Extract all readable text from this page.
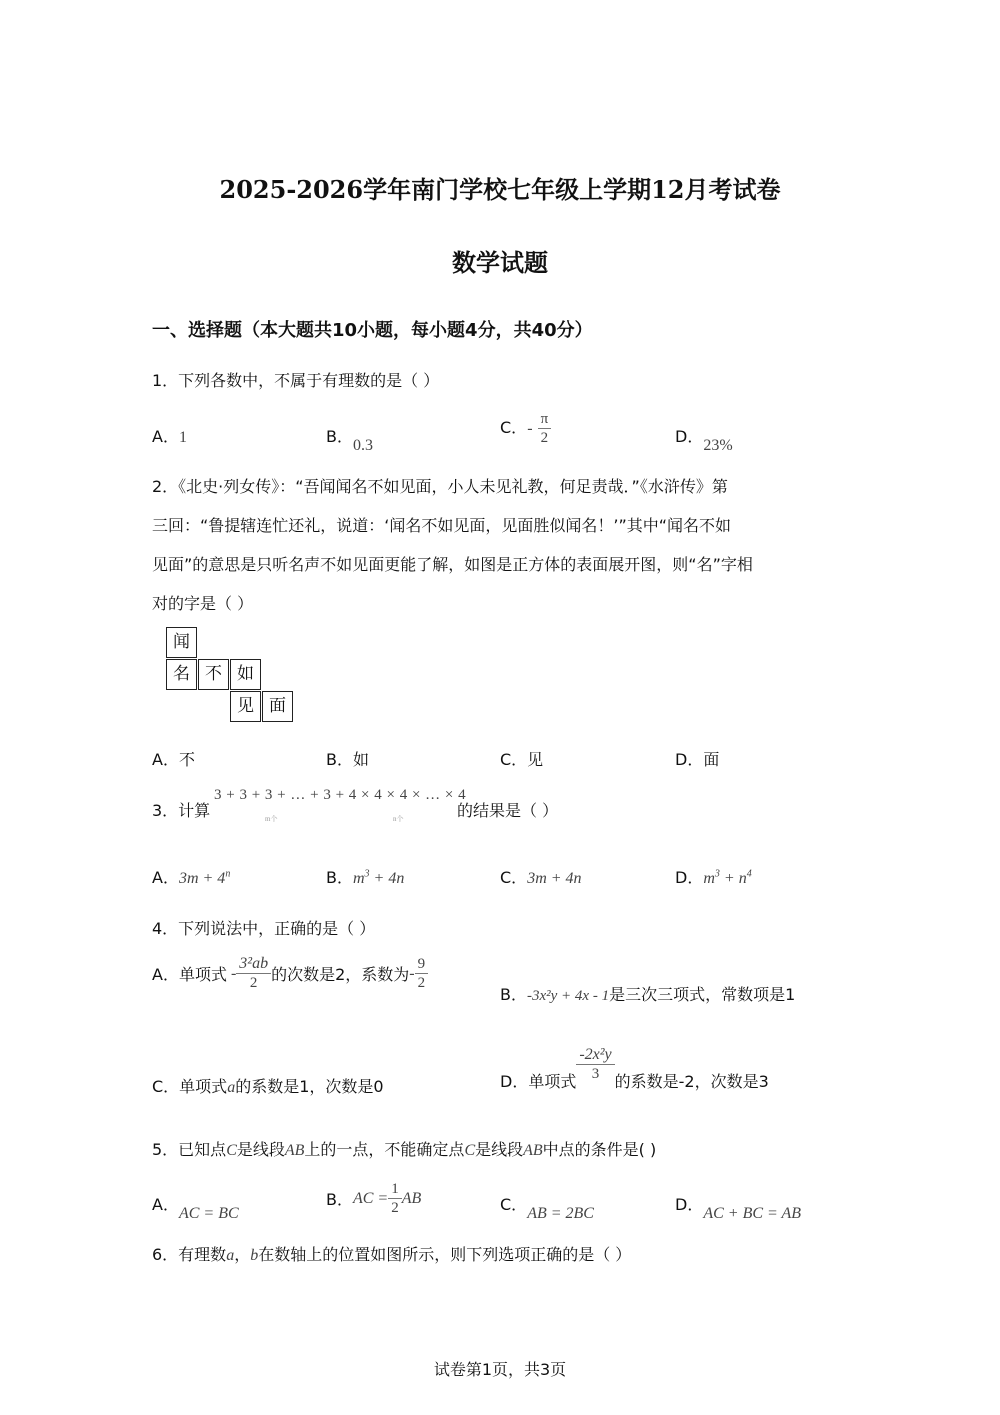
2025-2026学年南门学校七年级上学期12月考试卷
数学试题
一、选择题（本大题共10小题，每小题4分，共40分）
1．下列各数中，不属于有理数的是（ ）
A．1	B．0.3
C．- $\frac{\pi}{2}$	D．23%
2．《北史·列女传》：“吾闻闻名不如见面，小人未见礼教，何足责哉．”《水浒传》第
三回：“鲁提辖连忙还礼，说道：‘闻名不如见面，见面胜似闻名！’”其中“闻名不如
见面”的意思是只听名声不如见面更能了解，如图是正方体的表面展开图，则“名”字相
对的字是（ ）
闻
名 不 如
见 面
A．不	B．如	C．见	D．面
3．计算
3 + 3 + 3 + … + 3 + 4 × 4 × 4 × … × 4
m个	n个	的结果是（ ）
A．$3m + 4^n$	B．$m^3 + 4n$	C．3m + 4n	D．$m^3 + n^4$
4．下列说法中，正确的是（ ）
A．单项式 - $\frac{\text{3²ab}}{2}$ 的次数是2，系数为 - $\frac{9}{2}$
B．-3x²y + 4x - 1是三次三项式，常数项是1
C．单项式a的系数是1，次数是0	D．单项式 $\frac{\text{-2x²y}}{3}$ 的系数是-2，次数是3
5．已知点C是线段AB上的一点，不能确定点C是线段AB中点的条件是( )
A．AC = BC
B． AC = $\frac{1}{2}$ AB	C．AB = 2BC	D．AC + BC = AB
6．有理数a，b在数轴上的位置如图所示，则下列选项正确的是（ ）
试卷第1页，共3页
